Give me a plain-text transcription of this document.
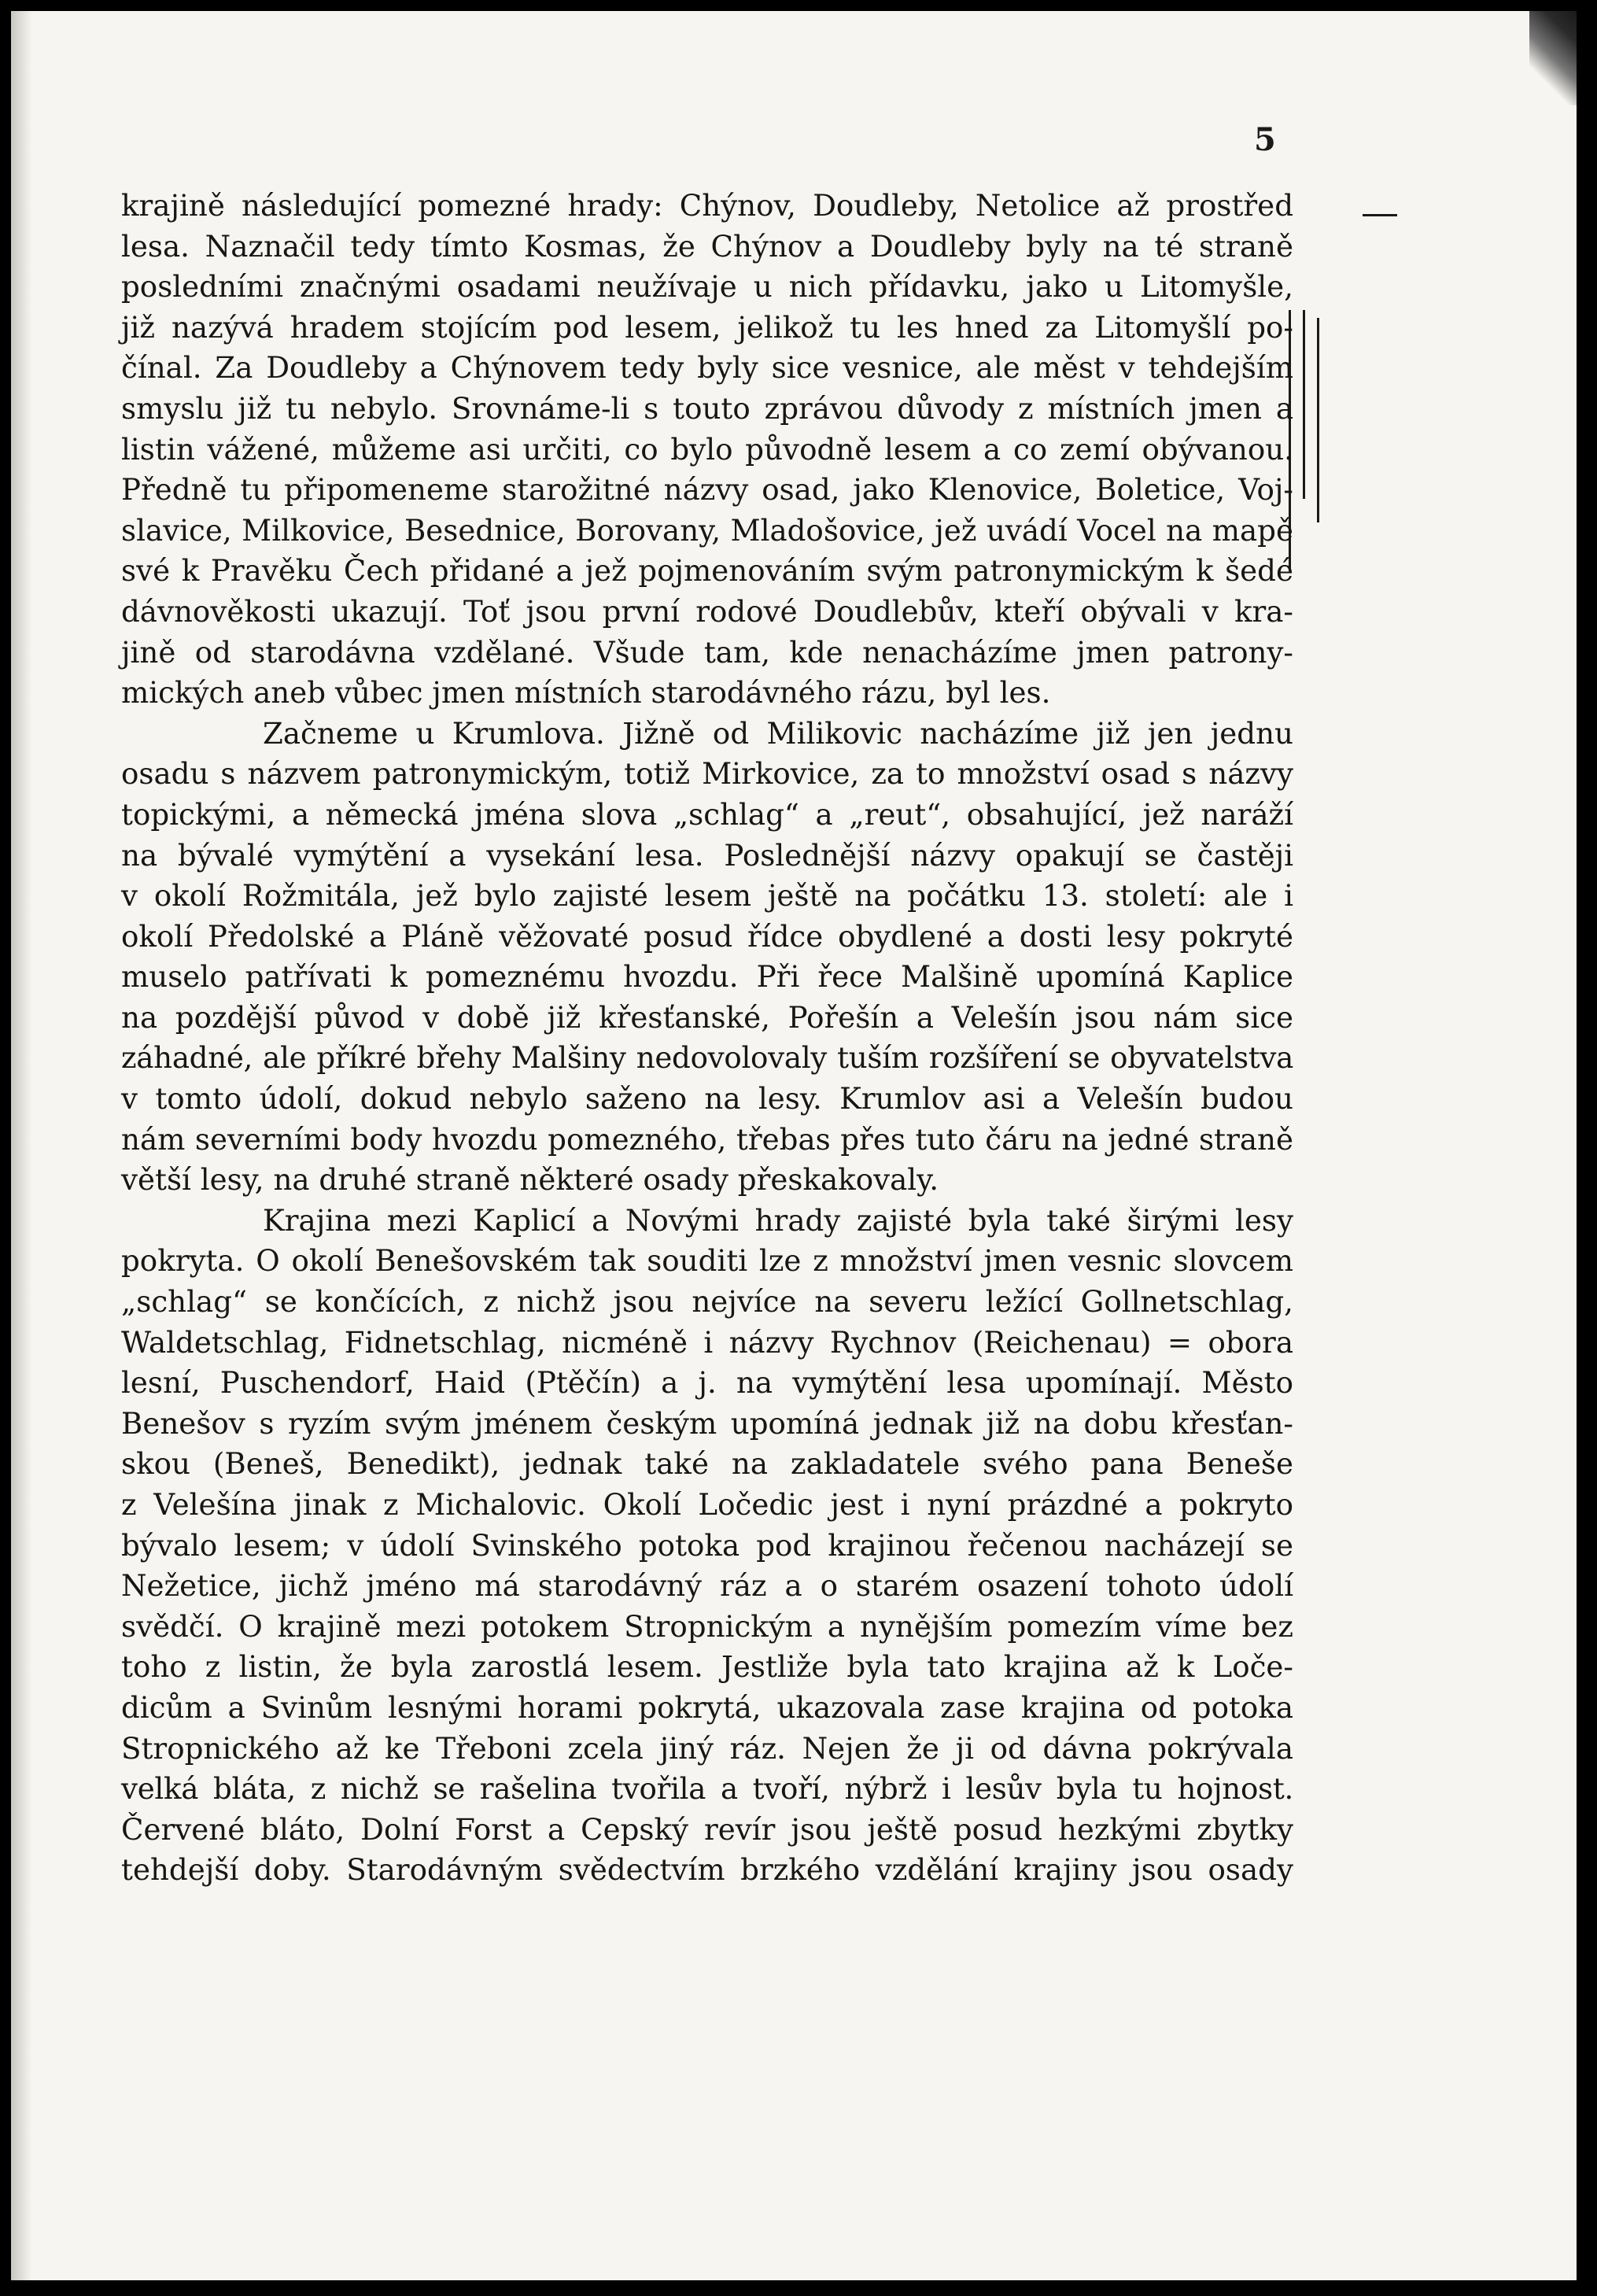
5
krajině následující pomezné hrady: Chýnov, Doudleby, Netolice až prostřed
lesa. Naznačil tedy tímto Kosmas, že Chýnov a Doudleby byly na té straně
posledními značnými osadami neužívaje u nich přídavku, jako u Litomyšle,
již nazývá hradem stojícím pod lesem, jelikož tu les hned za Litomyšlí po-
čínal. Za Doudleby a Chýnovem tedy byly sice vesnice, ale měst v tehdejším
smyslu již tu nebylo. Srovnáme-li s touto zprávou důvody z místních jmen a
listin vážené, můžeme asi určiti, co bylo původně lesem a co zemí obývanou.
Předně tu připomeneme starožitné názvy osad, jako Klenovice, Boletice, Voj-
slavice, Milkovice, Besednice, Borovany, Mladošovice, jež uvádí Vocel na mapě
své k Pravěku Čech přidané a jež pojmenováním svým patronymickým k šedé
dávnověkosti ukazují. Toť jsou první rodové Doudlebův, kteří obývali v kra-
jině od starodávna vzdělané. Všude tam, kde nenacházíme jmen patrony-
mických aneb vůbec jmen místních starodávného rázu, byl les.
Začneme u Krumlova. Jižně od Milikovic nacházíme již jen jednu
osadu s názvem patronymickým, totiž Mirkovice, za to množství osad s názvy
topickými, a německá jména slova „schlag“ a „reut“, obsahující, jež naráží
na bývalé vymýtění a vysekání lesa. Poslednější názvy opakují se častěji
v okolí Rožmitála, jež bylo zajisté lesem ještě na počátku 13. století: ale i
okolí Předolské a Pláně věžovaté posud řídce obydlené a dosti lesy pokryté
muselo patřívati k pomeznému hvozdu. Při řece Malšině upomíná Kaplice
na pozdější původ v době již křesťanské, Pořešín a Velešín jsou nám sice
záhadné, ale příkré břehy Malšiny nedovolovaly tuším rozšíření se obyvatelstva
v tomto údolí, dokud nebylo saženo na lesy. Krumlov asi a Velešín budou
nám severními body hvozdu pomezného, třebas přes tuto čáru na jedné straně
větší lesy, na druhé straně některé osady přeskakovaly.
Krajina mezi Kaplicí a Novými hrady zajisté byla také širými lesy
pokryta. O okolí Benešovském tak souditi lze z množství jmen vesnic slovcem
„schlag“ se končících, z nichž jsou nejvíce na severu ležící Gollnetschlag,
Waldetschlag, Fidnetschlag, nicméně i názvy Rychnov (Reichenau) = obora
lesní, Puschendorf, Haid (Ptěčín) a j. na vymýtění lesa upomínají. Město
Benešov s ryzím svým jménem českým upomíná jednak již na dobu křesťan-
skou (Beneš, Benedikt), jednak také na zakladatele svého pana Beneše
z Velešína jinak z Michalovic. Okolí Ločedic jest i nyní prázdné a pokryto
bývalo lesem; v údolí Svinského potoka pod krajinou řečenou nacházejí se
Nežetice, jichž jméno má starodávný ráz a o starém osazení tohoto údolí
svědčí. O krajině mezi potokem Stropnickým a nynějším pomezím víme bez
toho z listin, že byla zarostlá lesem. Jestliže byla tato krajina až k Loče-
dicům a Svinům lesnými horami pokrytá, ukazovala zase krajina od potoka
Stropnického až ke Třeboni zcela jiný ráz. Nejen že ji od dávna pokrývala
velká bláta, z nichž se rašelina tvořila a tvoří, nýbrž i lesův byla tu hojnost.
Červené bláto, Dolní Forst a Cepský revír jsou ještě posud hezkými zbytky
tehdejší doby. Starodávným svědectvím brzkého vzdělání krajiny jsou osady
